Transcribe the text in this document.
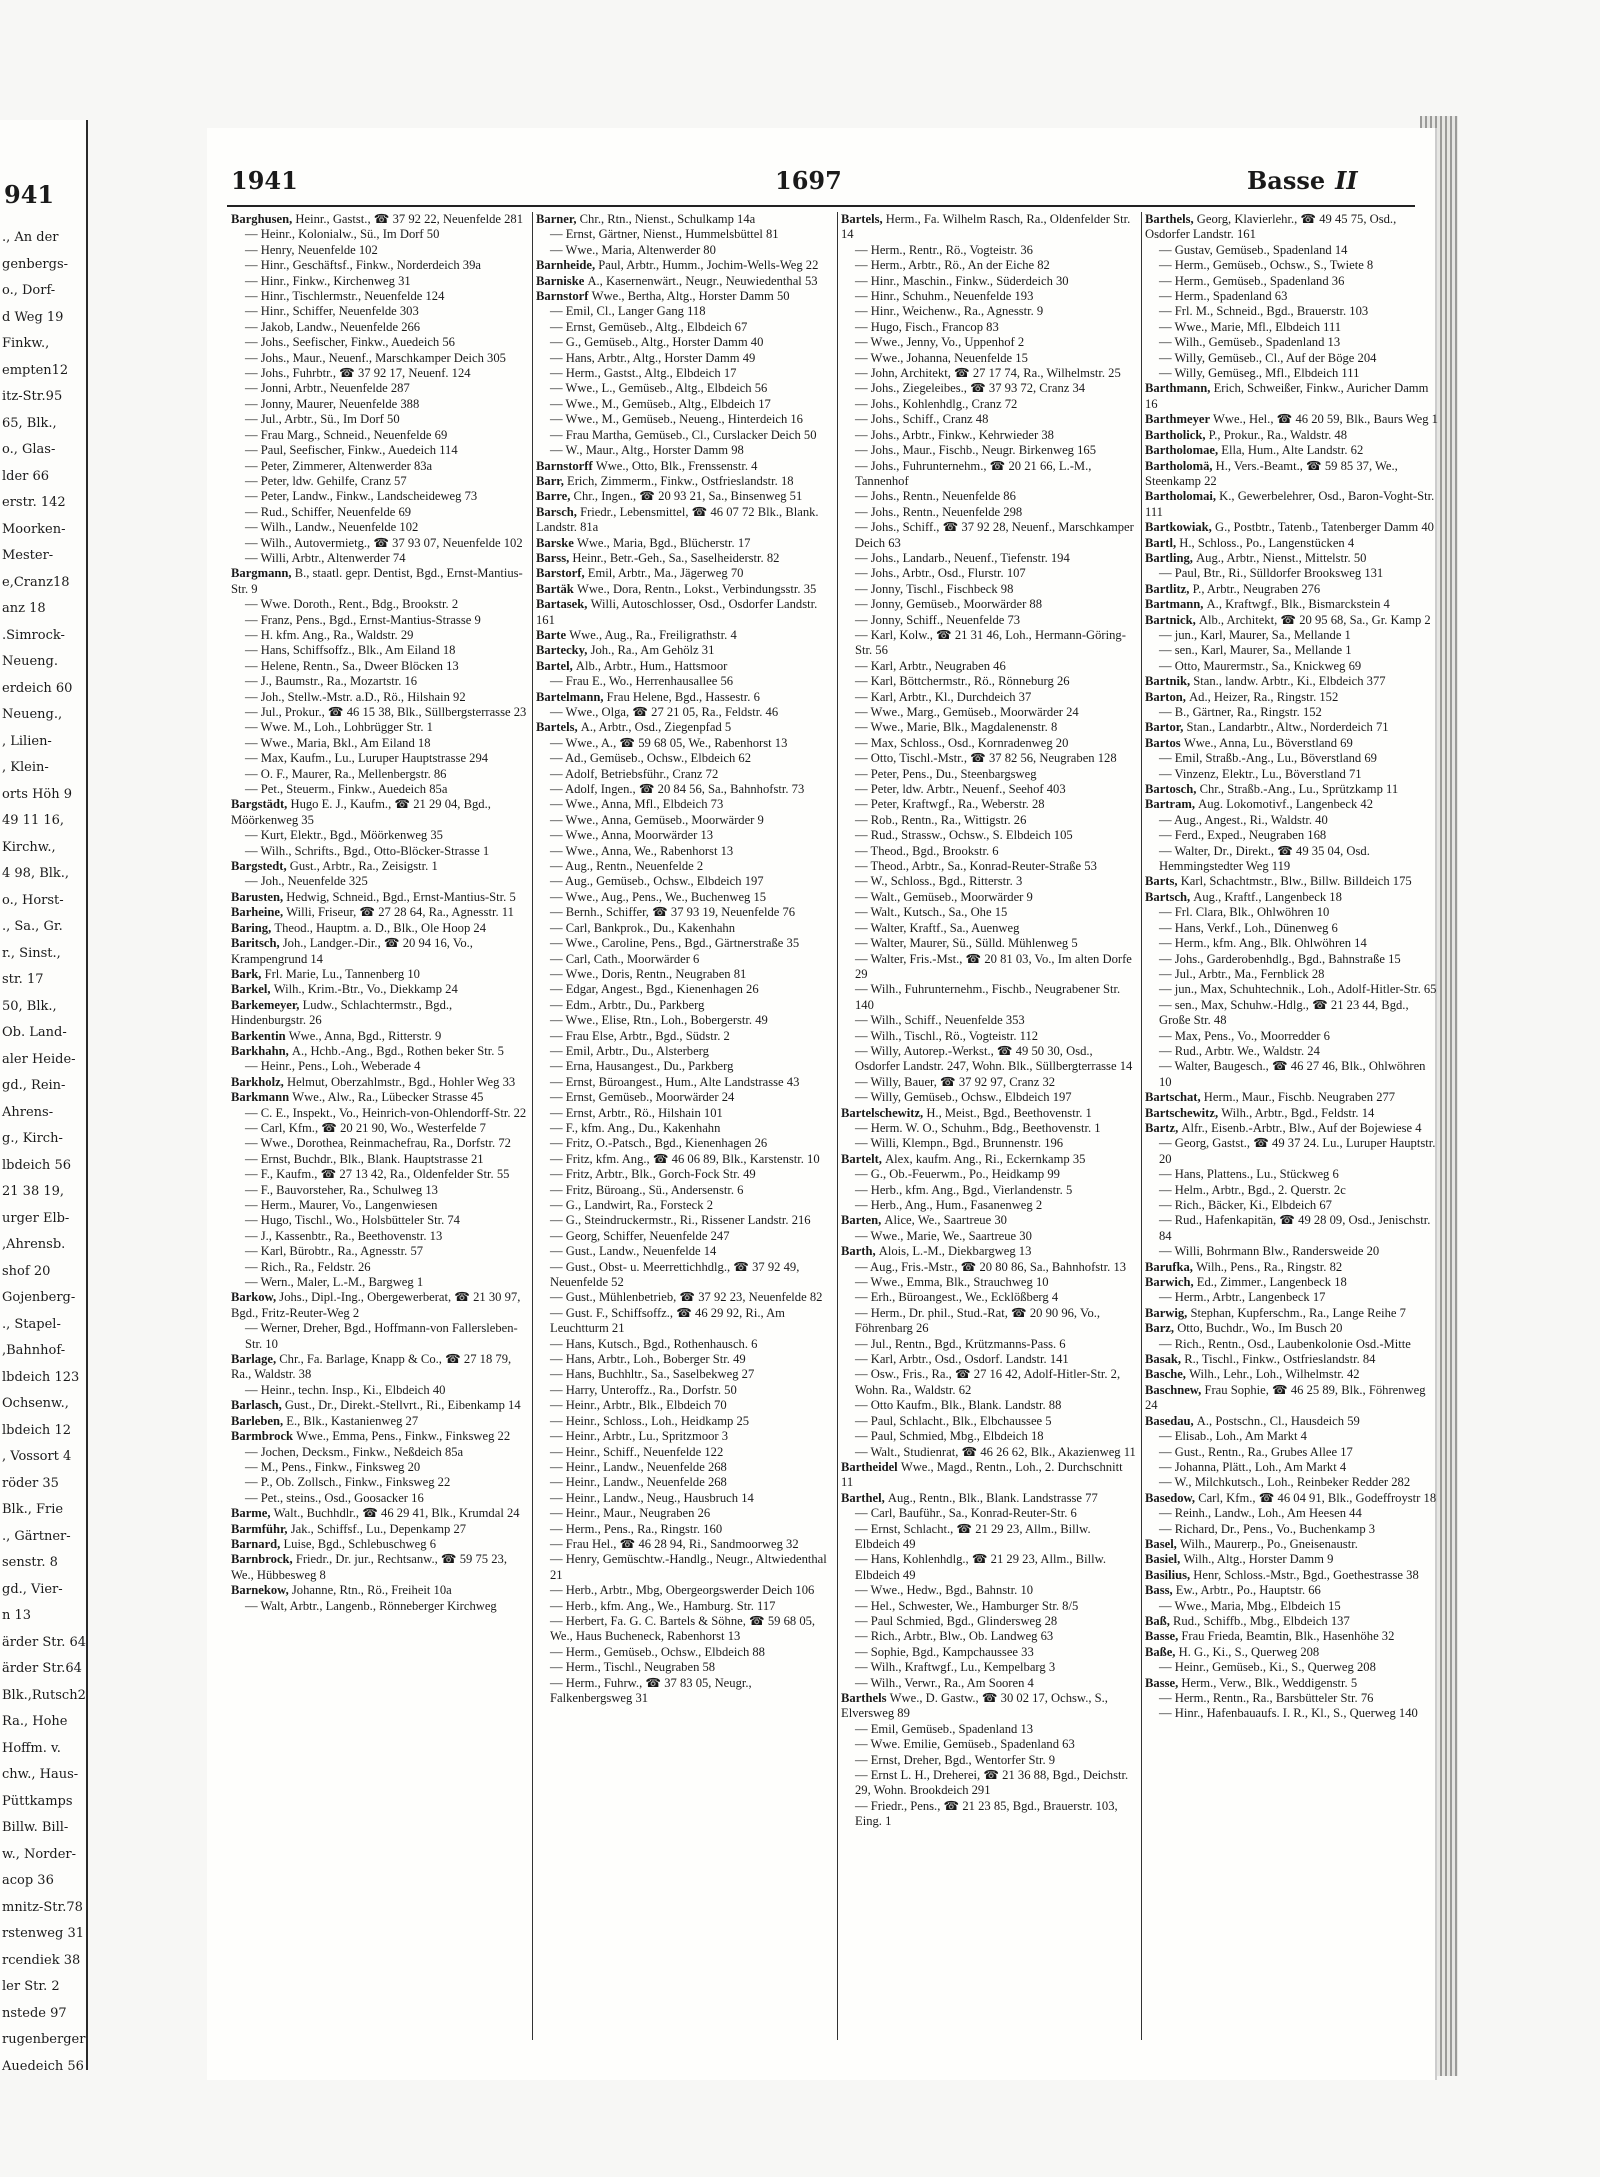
941
., An der
genbergs-
o., Dorf-
d Weg 19
Finkw.,
empten12
itz-Str.95
65, Blk.,
o., Glas-
lder 66
erstr. 142
Moorken-
Mester-
e,Cranz18
anz 18
.Simrock-
Neueng.
erdeich 60
Neueng.,
, Lilien-
, Klein-
orts Höh 9
49 11 16,
Kirchw.,
4 98, Blk.,
o., Horst-
., Sa., Gr.
r., Sinst.,
str. 17
50, Blk.,
Ob. Land-
aler Heide-
gd., Rein-
Ahrens-
g., Kirch-
lbdeich 56
21 38 19,
urger Elb-
,Ahrensb.
shof 20
Gojenberg-
., Stapel-
,Bahnhof-
lbdeich 123
Ochsenw.,
lbdeich 12
, Vossort 4
röder 35
Blk., Frie
., Gärtner-
senstr. 8
gd., Vier-
n 13
ärder Str. 64
ärder Str.64
Blk.,Rutsch2
Ra., Hohe
Hoffm. v.
chw., Haus-
Püttkamps
Billw. Bill-
w., Norder-
acop 36
mnitz-Str.78
rstenweg 31
rcendiek 38
ler Str. 2
nstede 97
rugenberger
Auedeich 56
1941	1697	Basse II
Barghusen, Heinr., Gastst., ☎ 37 92 22, Neuenfelde 281
— Heinr., Kolonialw., Sü., Im Dorf 50
— Henry, Neuenfelde 102
— Hinr., Geschäftsf., Finkw., Norderdeich 39a
— Hinr., Finkw., Kirchenweg 31
— Hinr., Tischlermstr., Neuenfelde 124
— Hinr., Schiffer, Neuenfelde 303
— Jakob, Landw., Neuenfelde 266
— Johs., Seefischer, Finkw., Auedeich 56
— Johs., Maur., Neuenf., Marschkamper Deich 305
— Johs., Fuhrbtr., ☎ 37 92 17, Neuenf. 124
— Jonni, Arbtr., Neuenfelde 287
— Jonny, Maurer, Neuenfelde 388
— Jul., Arbtr., Sü., Im Dorf 50
— Frau Marg., Schneid., Neuenfelde 69
— Paul, Seefischer, Finkw., Auedeich 114
— Peter, Zimmerer, Altenwerder 83a
— Peter, ldw. Gehilfe, Cranz 57
— Peter, Landw., Finkw., Landscheideweg 73
— Rud., Schiffer, Neuenfelde 69
— Wilh., Landw., Neuenfelde 102
— Wilh., Autovermietg., ☎ 37 93 07, Neuenfelde 102
— Willi, Arbtr., Altenwerder 74
Bargmann, B., staatl. gepr. Dentist, Bgd., Ernst-Mantius-Str. 9
— Wwe. Doroth., Rent., Bdg., Brookstr. 2
— Franz, Pens., Bgd., Ernst-Mantius-Strasse 9
— H. kfm. Ang., Ra., Waldstr. 29
— Hans, Schiffsoffz., Blk., Am Eiland 18
— Helene, Rentn., Sa., Dweer Blöcken 13
— J., Baumstr., Ra., Mozartstr. 16
— Joh., Stellw.-Mstr. a.D., Rö., Hilshain 92
— Jul., Prokur., ☎ 46 15 38, Blk., Süllbergsterrasse 23
— Wwe. M., Loh., Lohbrügger Str. 1
— Wwe., Maria, Bkl., Am Eiland 18
— Max, Kaufm., Lu., Luruper Hauptstrasse 294
— O. F., Maurer, Ra., Mellenbergstr. 86
— Pet., Steuerm., Finkw., Auedeich 85a
Bargstädt, Hugo E. J., Kaufm., ☎ 21 29 04, Bgd., Möörkenweg 35
— Kurt, Elektr., Bgd., Möörkenweg 35
— Wilh., Schrifts., Bgd., Otto-Blöcker-Strasse 1
Bargstedt, Gust., Arbtr., Ra., Zeisigstr. 1
— Joh., Neuenfelde 325
Barusten, Hedwig, Schneid., Bgd., Ernst-Mantius-Str. 5
Barheine, Willi, Friseur, ☎ 27 28 64, Ra., Agnesstr. 11
Baring, Theod., Hauptm. a. D., Blk., Ole Hoop 24
Baritsch, Joh., Landger.-Dir., ☎ 20 94 16, Vo., Krampengrund 14
Bark, Frl. Marie, Lu., Tannenberg 10
Barkel, Wilh., Krim.-Btr., Vo., Diekkamp 24
Barkemeyer, Ludw., Schlachtermstr., Bgd., Hindenburgstr. 26
Barkentin Wwe., Anna, Bgd., Ritterstr. 9
Barkhahn, A., Hchb.-Ang., Bgd., Rothen beker Str. 5
— Heinr., Pens., Loh., Weberade 4
Barkholz, Helmut, Oberzahlmstr., Bgd., Hohler Weg 33
Barkmann Wwe., Alw., Ra., Lübecker Strasse 45
— C. E., Inspekt., Vo., Heinrich-von-Ohlendorff-Str. 22
— Carl, Kfm., ☎ 20 21 90, Wo., Westerfelde 7
— Wwe., Dorothea, Reinmachefrau, Ra., Dorfstr. 72
— Ernst, Buchdr., Blk., Blank. Hauptstrasse 21
— F., Kaufm., ☎ 27 13 42, Ra., Oldenfelder Str. 55
— F., Bauvorsteher, Ra., Schulweg 13
— Herm., Maurer, Vo., Langenwiesen
— Hugo, Tischl., Wo., Holsbütteler Str. 74
— J., Kassenbtr., Ra., Beethovenstr. 13
— Karl, Bürobtr., Ra., Agnesstr. 57
— Rich., Ra., Feldstr. 26
— Wern., Maler, L.-M., Bargweg 1
Barkow, Johs., Dipl.-Ing., Obergewerberat, ☎ 21 30 97, Bgd., Fritz-Reuter-Weg 2
— Werner, Dreher, Bgd., Hoffmann-von Fallersleben-Str. 10
Barlage, Chr., Fa. Barlage, Knapp & Co., ☎ 27 18 79, Ra., Waldstr. 38
— Heinr., techn. Insp., Ki., Elbdeich 40
Barlasch, Gust., Dr., Direkt.-Stellvrt., Ri., Eibenkamp 14
Barleben, E., Blk., Kastanienweg 27
Barmbrock Wwe., Emma, Pens., Finkw., Finksweg 22
— Jochen, Decksm., Finkw., Neßdeich 85a
— M., Pens., Finkw., Finksweg 20
— P., Ob. Zollsch., Finkw., Finksweg 22
— Pet., steins., Osd., Goosacker 16
Barme, Walt., Buchhdlr., ☎ 46 29 41, Blk., Krumdal 24
Barmführ, Jak., Schiffsf., Lu., Depenkamp 27
Barnard, Luise, Bgd., Schlebuschweg 6
Barnbrock, Friedr., Dr. jur., Rechtsanw., ☎ 59 75 23, We., Hübbesweg 8
Barnekow, Johanne, Rtn., Rö., Freiheit 10a
— Walt, Arbtr., Langenb., Rönneberger Kirchweg
Barner, Chr., Rtn., Nienst., Schulkamp 14a
— Ernst, Gärtner, Nienst., Hummelsbüttel 81
— Wwe., Maria, Altenwerder 80
Barnheide, Paul, Arbtr., Humm., Jochim-Wells-Weg 22
Barniske A., Kasernenwärt., Neugr., Neuwiedenthal 53
Barnstorf Wwe., Bertha, Altg., Horster Damm 50
— Emil, Cl., Langer Gang 118
— Ernst, Gemüseb., Altg., Elbdeich 67
— G., Gemüseb., Altg., Horster Damm 40
— Hans, Arbtr., Altg., Horster Damm 49
— Herm., Gastst., Altg., Elbdeich 17
— Wwe., L., Gemüseb., Altg., Elbdeich 56
— Wwe., M., Gemüseb., Altg., Elbdeich 17
— Wwe., M., Gemüseb., Neueng., Hinterdeich 16
— Frau Martha, Gemüseb., Cl., Curslacker Deich 50
— W., Maur., Altg., Horster Damm 98
Barnstorff Wwe., Otto, Blk., Frenssenstr. 4
Barr, Erich, Zimmerm., Finkw., Ostfrieslandstr. 18
Barre, Chr., Ingen., ☎ 20 93 21, Sa., Binsenweg 51
Barsch, Friedr., Lebensmittel, ☎ 46 07 72 Blk., Blank. Landstr. 81a
Barske Wwe., Maria, Bgd., Blücherstr. 17
Barss, Heinr., Betr.-Geh., Sa., Saselheiderstr. 82
Barstorf, Emil, Arbtr., Ma., Jägerweg 70
Bartäk Wwe., Dora, Rentn., Lokst., Verbindungsstr. 35
Bartasek, Willi, Autoschlosser, Osd., Osdorfer Landstr. 161
Barte Wwe., Aug., Ra., Freiligrathstr. 4
Bartecky, Joh., Ra., Am Gehölz 31
Bartel, Alb., Arbtr., Hum., Hattsmoor
— Frau E., Wo., Herrenhausallee 56
Bartelmann, Frau Helene, Bgd., Hassestr. 6
— Wwe., Olga, ☎ 27 21 05, Ra., Feldstr. 46
Bartels, A., Arbtr., Osd., Ziegenpfad 5
— Wwe., A., ☎ 59 68 05, We., Rabenhorst 13
— Ad., Gemüseb., Ochsw., Elbdeich 62
— Adolf, Betriebsführ., Cranz 72
— Adolf, Ingen., ☎ 20 84 56, Sa., Bahnhofstr. 73
— Wwe., Anna, Mfl., Elbdeich 73
— Wwe., Anna, Gemüseb., Moorwärder 9
— Wwe., Anna, Moorwärder 13
— Wwe., Anna, We., Rabenhorst 13
— Aug., Rentn., Neuenfelde 2
— Aug., Gemüseb., Ochsw., Elbdeich 197
— Wwe., Aug., Pens., We., Buchenweg 15
— Bernh., Schiffer, ☎ 37 93 19, Neuenfelde 76
— Carl, Bankprok., Du., Kakenhahn
— Wwe., Caroline, Pens., Bgd., Gärtnerstraße 35
— Carl, Cath., Moorwärder 6
— Wwe., Doris, Rentn., Neugraben 81
— Edgar, Angest., Bgd., Kienenhagen 26
— Edm., Arbtr., Du., Parkberg
— Wwe., Elise, Rtn., Loh., Bobergerstr. 49
— Frau Else, Arbtr., Bgd., Südstr. 2
— Emil, Arbtr., Du., Alsterberg
— Erna, Hausangest., Du., Parkberg
— Ernst, Büroangest., Hum., Alte Landstrasse 43
— Ernst, Gemüseb., Moorwärder 24
— Ernst, Arbtr., Rö., Hilshain 101
— F., kfm. Ang., Du., Kakenhahn
— Fritz, O.-Patsch., Bgd., Kienenhagen 26
— Fritz, kfm. Ang., ☎ 46 06 89, Blk., Karstenstr. 10
— Fritz, Arbtr., Blk., Gorch-Fock Str. 49
— Fritz, Büroang., Sü., Andersenstr. 6
— G., Landwirt, Ra., Forsteck 2
— G., Steindruckermstr., Ri., Rissener Landstr. 216
— Georg, Schiffer, Neuenfelde 247
— Gust., Landw., Neuenfelde 14
— Gust., Obst- u. Meerrettichhdlg., ☎ 37 92 49, Neuenfelde 52
— Gust., Mühlenbetrieb, ☎ 37 92 23, Neuenfelde 82
— Gust. F., Schiffsoffz., ☎ 46 29 92, Ri., Am Leuchtturm 21
— Hans, Kutsch., Bgd., Rothenhausch. 6
— Hans, Arbtr., Loh., Boberger Str. 49
— Hans, Buchhltr., Sa., Saselbekweg 27
— Harry, Unteroffz., Ra., Dorfstr. 50
— Heinr., Arbtr., Blk., Elbdeich 70
— Heinr., Schloss., Loh., Heidkamp 25
— Heinr., Arbtr., Lu., Spritzmoor 3
— Heinr., Schiff., Neuenfelde 122
— Heinr., Landw., Neuenfelde 268
— Heinr., Landw., Neuenfelde 268
— Heinr., Landw., Neug., Hausbruch 14
— Heinr., Maur., Neugraben 26
— Herm., Pens., Ra., Ringstr. 160
— Frau Hel., ☎ 46 28 94, Ri., Sandmoorweg 32
— Henry, Gemüschtw.-Handlg., Neugr., Altwiedenthal 21
— Herb., Arbtr., Mbg, Obergeorgswerder Deich 106
— Herb., kfm. Ang., We., Hamburg. Str. 117
— Herbert, Fa. G. C. Bartels & Söhne, ☎ 59 68 05, We., Haus Bucheneck, Rabenhorst 13
— Herm., Gemüseb., Ochsw., Elbdeich 88
— Herm., Tischl., Neugraben 58
— Herm., Fuhrw., ☎ 37 83 05, Neugr., Falkenbergsweg 31
Bartels, Herm., Fa. Wilhelm Rasch, Ra., Oldenfelder Str. 14
— Herm., Rentr., Rö., Vogteistr. 36
— Herm., Arbtr., Rö., An der Eiche 82
— Hinr., Maschin., Finkw., Süderdeich 30
— Hinr., Schuhm., Neuenfelde 193
— Hinr., Weichenw., Ra., Agnesstr. 9
— Hugo, Fisch., Francop 83
— Wwe., Jenny, Vo., Uppenhof 2
— Wwe., Johanna, Neuenfelde 15
— John, Architekt, ☎ 27 17 74, Ra., Wilhelmstr. 25
— Johs., Ziegeleibes., ☎ 37 93 72, Cranz 34
— Johs., Kohlenhdlg., Cranz 72
— Johs., Schiff., Cranz 48
— Johs., Arbtr., Finkw., Kehrwieder 38
— Johs., Maur., Fischb., Neugr. Birkenweg 165
— Johs., Fuhrunternehm., ☎ 20 21 66, L.-M., Tannenhof
— Johs., Rentn., Neuenfelde 86
— Johs., Rentn., Neuenfelde 298
— Johs., Schiff., ☎ 37 92 28, Neuenf., Marschkamper Deich 63
— Johs., Landarb., Neuenf., Tiefenstr. 194
— Johs., Arbtr., Osd., Flurstr. 107
— Jonny, Tischl., Fischbeck 98
— Jonny, Gemüseb., Moorwärder 88
— Jonny, Schiff., Neuenfelde 73
— Karl, Kolw., ☎ 21 31 46, Loh., Hermann-Göring-Str. 56
— Karl, Arbtr., Neugraben 46
— Karl, Böttchermstr., Rö., Rönneburg 26
— Karl, Arbtr., Kl., Durchdeich 37
— Wwe., Marg., Gemüseb., Moorwärder 24
— Wwe., Marie, Blk., Magdalenenstr. 8
— Max, Schloss., Osd., Kornradenweg 20
— Otto, Tischl.-Mstr., ☎ 37 82 56, Neugraben 128
— Peter, Pens., Du., Steenbargsweg
— Peter, ldw. Arbtr., Neuenf., Seehof 403
— Peter, Kraftwgf., Ra., Weberstr. 28
— Rob., Rentn., Ra., Wittigstr. 26
— Rud., Strassw., Ochsw., S. Elbdeich 105
— Theod., Bgd., Brookstr. 6
— Theod., Arbtr., Sa., Konrad-Reuter-Straße 53
— W., Schloss., Bgd., Ritterstr. 3
— Walt., Gemüseb., Moorwärder 9
— Walt., Kutsch., Sa., Ohe 15
— Walter, Kraftf., Sa., Auenweg
— Walter, Maurer, Sü., Sülld. Mühlenweg 5
— Walter, Fris.-Mst., ☎ 20 81 03, Vo., Im alten Dorfe 29
— Wilh., Fuhrunternehm., Fischb., Neugrabener Str. 140
— Wilh., Schiff., Neuenfelde 353
— Wilh., Tischl., Rö., Vogteistr. 112
— Willy, Autorep.-Werkst., ☎ 49 50 30, Osd., Osdorfer Landstr. 247, Wohn. Blk., Süllbergterrasse 14
— Willy, Bauer, ☎ 37 92 97, Cranz 32
— Willy, Gemüseb., Ochsw., Elbdeich 197
Bartelschewitz, H., Meist., Bgd., Beethovenstr. 1
— Herm. W. O., Schuhm., Bdg., Beethovenstr. 1
— Willi, Klempn., Bgd., Brunnenstr. 196
Bartelt, Alex, kaufm. Ang., Ri., Eckernkamp 35
— G., Ob.-Feuerwm., Po., Heidkamp 99
— Herb., kfm. Ang., Bgd., Vierlandenstr. 5
— Herb., Ang., Hum., Fasanenweg 2
Barten, Alice, We., Saartreue 30
— Wwe., Marie, We., Saartreue 30
Barth, Alois, L.-M., Diekbargweg 13
— Aug., Fris.-Mstr., ☎ 20 80 86, Sa., Bahnhofstr. 13
— Wwe., Emma, Blk., Strauchweg 10
— Erh., Büroangest., We., Ecklößberg 4
— Herm., Dr. phil., Stud.-Rat, ☎ 20 90 96, Vo., Föhrenbarg 26
— Jul., Rentn., Bgd., Krützmanns-Pass. 6
— Karl, Arbtr., Osd., Osdorf. Landstr. 141
— Osw., Fris., Ra., ☎ 27 16 42, Adolf-Hitler-Str. 2, Wohn. Ra., Waldstr. 62
— Otto Kaufm., Blk., Blank. Landstr. 88
— Paul, Schlacht., Blk., Elbchaussee 5
— Paul, Schmied, Mbg., Elbdeich 18
— Walt., Studienrat, ☎ 46 26 62, Blk., Akazienweg 11
Bartheidel Wwe., Magd., Rentn., Loh., 2. Durchschnitt 11
Barthel, Aug., Rentn., Blk., Blank. Landstrasse 77
— Carl, Bauführ., Sa., Konrad-Reuter-Str. 6
— Ernst, Schlacht., ☎ 21 29 23, Allm., Billw. Elbdeich 49
— Hans, Kohlenhdlg., ☎ 21 29 23, Allm., Billw. Elbdeich 49
— Wwe., Hedw., Bgd., Bahnstr. 10
— Hel., Schwester, We., Hamburger Str. 8/5
— Paul Schmied, Bgd., Glindersweg 28
— Rich., Arbtr., Blw., Ob. Landweg 63
— Sophie, Bgd., Kampchaussee 33
— Wilh., Kraftwgf., Lu., Kempelbarg 3
— Wilh., Verwr., Ra., Am Sooren 4
Barthels Wwe., D. Gastw., ☎ 30 02 17, Ochsw., S., Elversweg 89
— Emil, Gemüseb., Spadenland 13
— Wwe. Emilie, Gemüseb., Spadenland 63
— Ernst, Dreher, Bgd., Wentorfer Str. 9
— Ernst L. H., Dreherei, ☎ 21 36 88, Bgd., Deichstr. 29, Wohn. Brookdeich 291
— Friedr., Pens., ☎ 21 23 85, Bgd., Brauerstr. 103, Eing. 1
Barthels, Georg, Klavierlehr., ☎ 49 45 75, Osd., Osdorfer Landstr. 161
— Gustav, Gemüseb., Spadenland 14
— Herm., Gemüseb., Ochsw., S., Twiete 8
— Herm., Gemüseb., Spadenland 36
— Herm., Spadenland 63
— Frl. M., Schneid., Bgd., Brauerstr. 103
— Wwe., Marie, Mfl., Elbdeich 111
— Wilh., Gemüseb., Spadenland 13
— Willy, Gemüseb., Cl., Auf der Böge 204
— Willy, Gemüseg., Mfl., Elbdeich 111
Barthmann, Erich, Schweißer, Finkw., Auricher Damm 16
Barthmeyer Wwe., Hel., ☎ 46 20 59, Blk., Baurs Weg 1
Bartholick, P., Prokur., Ra., Waldstr. 48
Bartholomae, Ella, Hum., Alte Landstr. 62
Bartholomä, H., Vers.-Beamt., ☎ 59 85 37, We., Steenkamp 22
Bartholomai, K., Gewerbelehrer, Osd., Baron-Voght-Str. 111
Bartkowiak, G., Postbtr., Tatenb., Tatenberger Damm 40
Bartl, H., Schloss., Po., Langenstücken 4
Bartling, Aug., Arbtr., Nienst., Mittelstr. 50
— Paul, Btr., Ri., Sülldorfer Brooksweg 131
Bartlitz, P., Arbtr., Neugraben 276
Bartmann, A., Kraftwgf., Blk., Bismarckstein 4
Bartnick, Alb., Architekt, ☎ 20 95 68, Sa., Gr. Kamp 2
— jun., Karl, Maurer, Sa., Mellande 1
— sen., Karl, Maurer, Sa., Mellande 1
— Otto, Maurermstr., Sa., Knickweg 69
Bartnik, Stan., landw. Arbtr., Ki., Elbdeich 377
Barton, Ad., Heizer, Ra., Ringstr. 152
— B., Gärtner, Ra., Ringstr. 152
Bartor, Stan., Landarbtr., Altw., Norderdeich 71
Bartos Wwe., Anna, Lu., Böverstland 69
— Emil, Straßb.-Ang., Lu., Böverstland 69
— Vinzenz, Elektr., Lu., Böverstland 71
Bartosch, Chr., Straßb.-Ang., Lu., Sprützkamp 11
Bartram, Aug. Lokomotivf., Langenbeck 42
— Aug., Angest., Ri., Waldstr. 40
— Ferd., Exped., Neugraben 168
— Walter, Dr., Direkt., ☎ 49 35 04, Osd. Hemmingstedter Weg 119
Barts, Karl, Schachtmstr., Blw., Billw. Billdeich 175
Bartsch, Aug., Kraftf., Langenbeck 18
— Frl. Clara, Blk., Ohlwöhren 10
— Hans, Verkf., Loh., Dünenweg 6
— Herm., kfm. Ang., Blk. Ohlwöhren 14
— Johs., Garderobenhdlg., Bgd., Bahnstraße 15
— Jul., Arbtr., Ma., Fernblick 28
— jun., Max, Schuhtechnik., Loh., Adolf-Hitler-Str. 65
— sen., Max, Schuhw.-Hdlg., ☎ 21 23 44, Bgd., Große Str. 48
— Max, Pens., Vo., Moorredder 6
— Rud., Arbtr. We., Waldstr. 24
— Walter, Baugesch., ☎ 46 27 46, Blk., Ohlwöhren 10
Bartschat, Herm., Maur., Fischb. Neugraben 277
Bartschewitz, Wilh., Arbtr., Bgd., Feldstr. 14
Bartz, Alfr., Eisenb.-Arbtr., Blw., Auf der Bojewiese 4
— Georg, Gastst., ☎ 49 37 24. Lu., Luruper Hauptstr. 20
— Hans, Plattens., Lu., Stückweg 6
— Helm., Arbtr., Bgd., 2. Querstr. 2c
— Rich., Bäcker, Ki., Elbdeich 67
— Rud., Hafenkapitän, ☎ 49 28 09, Osd., Jenischstr. 84
— Willi, Bohrmann Blw., Randersweide 20
Barufka, Wilh., Pens., Ra., Ringstr. 82
Barwich, Ed., Zimmer., Langenbeck 18
— Herm., Arbtr., Langenbeck 17
Barwig, Stephan, Kupferschm., Ra., Lange Reihe 7
Barz, Otto, Buchdr., Wo., Im Busch 20
— Rich., Rentn., Osd., Laubenkolonie Osd.-Mitte
Basak, R., Tischl., Finkw., Ostfrieslandstr. 84
Basche, Wilh., Lehr., Loh., Wilhelmstr. 42
Baschnew, Frau Sophie, ☎ 46 25 89, Blk., Föhrenweg 24
Basedau, A., Postschn., Cl., Hausdeich 59
— Elisab., Loh., Am Markt 4
— Gust., Rentn., Ra., Grubes Allee 17
— Johanna, Plätt., Loh., Am Markt 4
— W., Milchkutsch., Loh., Reinbeker Redder 282
Basedow, Carl, Kfm., ☎ 46 04 91, Blk., Godeffroystr 18
— Reinh., Landw., Loh., Am Heesen 44
— Richard, Dr., Pens., Vo., Buchenkamp 3
Basel, Wilh., Maurerp., Po., Gneisenaustr.
Basiel, Wilh., Altg., Horster Damm 9
Basilius, Henr, Schloss.-Mstr., Bgd., Goethestrasse 38
Bass, Ew., Arbtr., Po., Hauptstr. 66
— Wwe., Maria, Mbg., Elbdeich 15
Baß, Rud., Schiffb., Mbg., Elbdeich 137
Basse, Frau Frieda, Beamtin, Blk., Hasenhöhe 32
Baße, H. G., Ki., S., Querweg 208
— Heinr., Gemüseb., Ki., S., Querweg 208
Basse, Herm., Verw., Blk., Weddigenstr. 5
— Herm., Rentn., Ra., Barsbütteler Str. 76
— Hinr., Hafenbauaufs. I. R., Kl., S., Querweg 140
